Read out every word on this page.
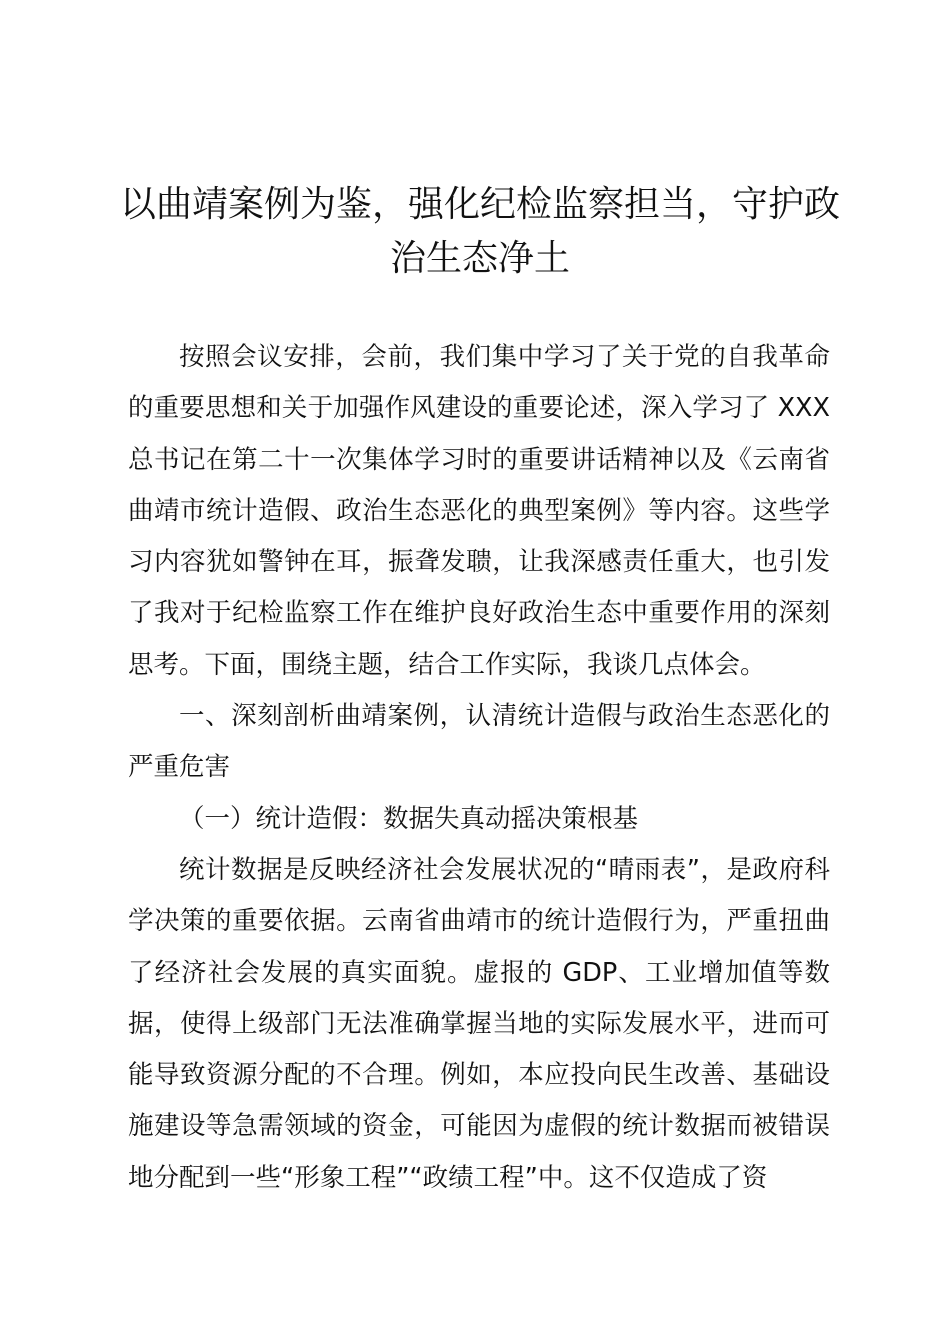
以曲靖案例为鉴，强化纪检监察担当，守护政治生态净土

按照会议安排，会前，我们集中学习了关于党的自我革命的重要思想和关于加强作风建设的重要论述，深入学习了 XXX总书记在第二十一次集体学习时的重要讲话精神以及《云南省曲靖市统计造假、政治生态恶化的典型案例》等内容。这些学习内容犹如警钟在耳，振聋发聩，让我深感责任重大，也引发了我对于纪检监察工作在维护良好政治生态中重要作用的深刻思考。下面，围绕主题，结合工作实际，我谈几点体会。

一、深刻剖析曲靖案例，认清统计造假与政治生态恶化的严重危害

（一）统计造假：数据失真动摇决策根基

统计数据是反映经济社会发展状况的“晴雨表”，是政府科学决策的重要依据。云南省曲靖市的统计造假行为，严重扭曲了经济社会发展的真实面貌。虚报的 GDP、工业增加值等数据，使得上级部门无法准确掌握当地的实际发展水平，进而可能导致资源分配的不合理。例如，本应投向民生改善、基础设施建设等急需领域的资金，可能因为虚假的统计数据而被错误地分配到一些“形象工程”“政绩工程”中。这不仅造成了资
